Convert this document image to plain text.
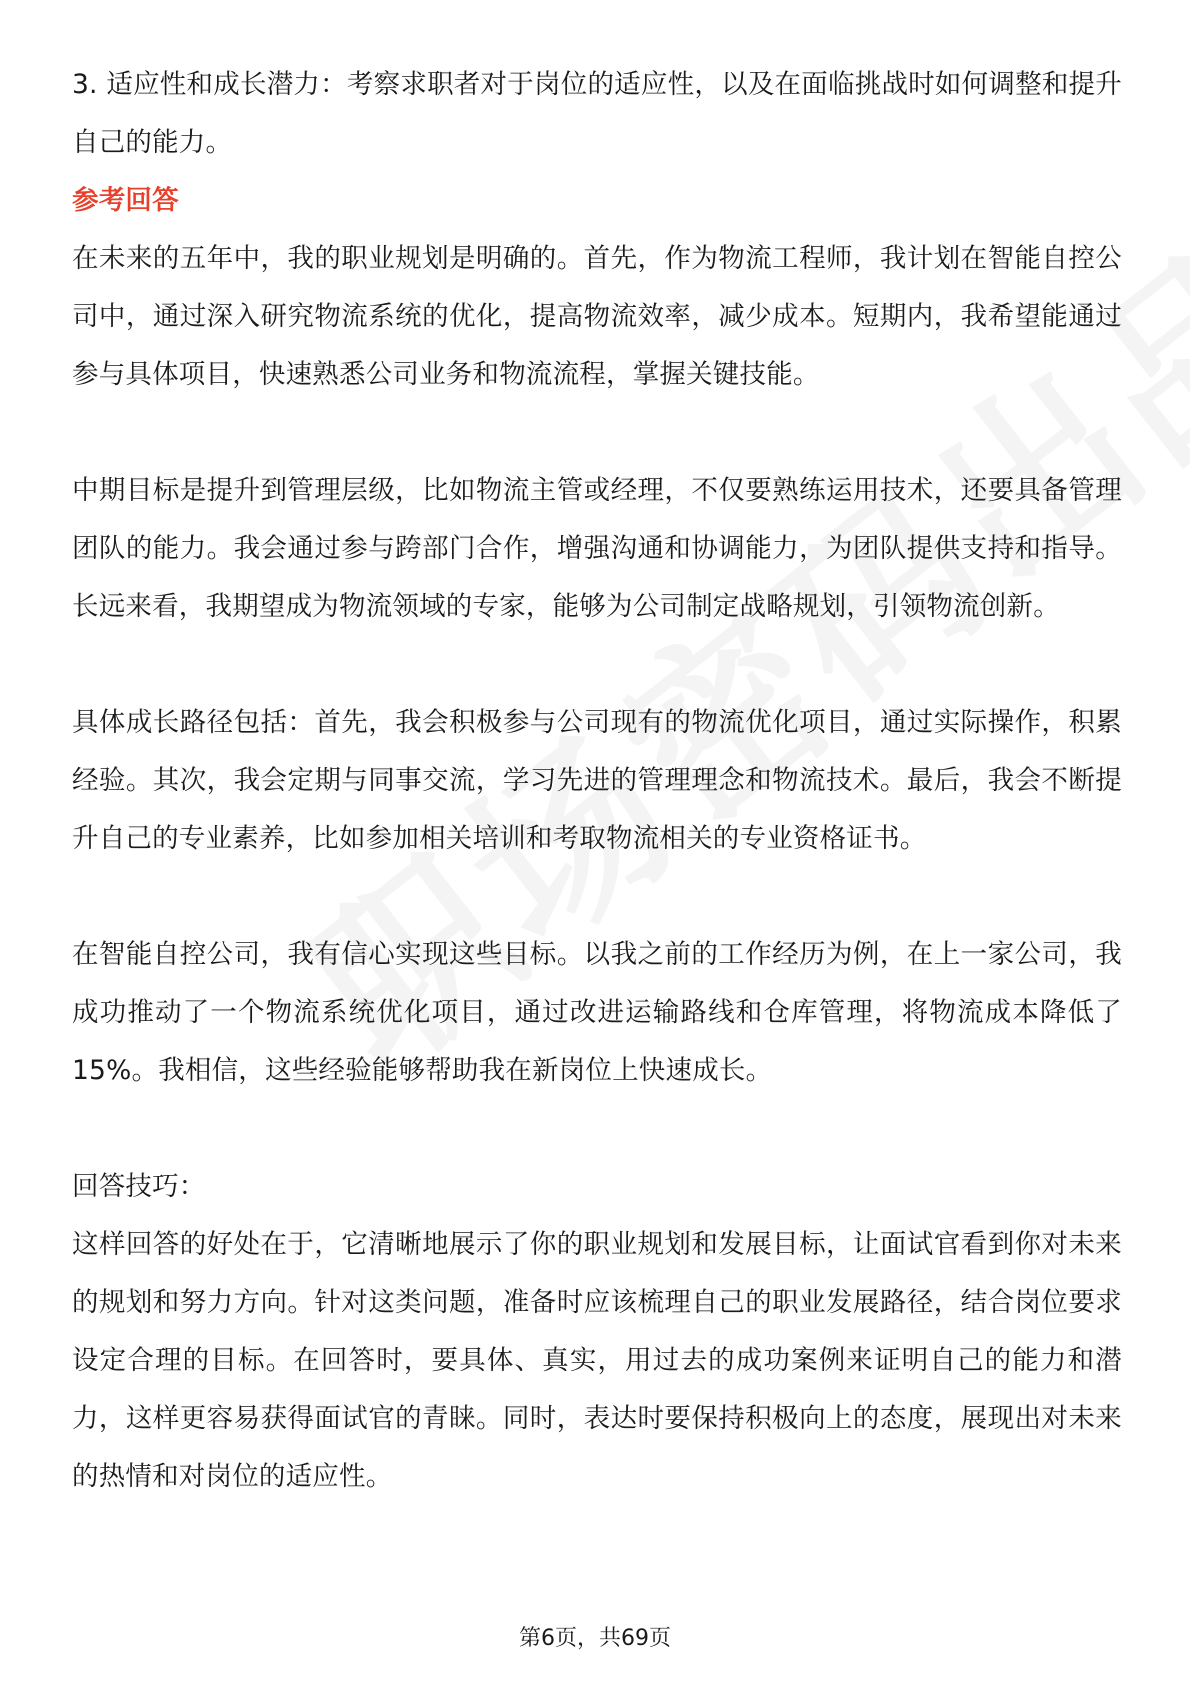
3. 适应性和成长潜力：考察求职者对于岗位的适应性，以及在面临挑战时如何调整和提升自己的能力。

参考回答

在未来的五年中，我的职业规划是明确的。首先，作为物流工程师，我计划在智能自控公司中，通过深入研究物流系统的优化，提高物流效率，减少成本。短期内，我希望能通过参与具体项目，快速熟悉公司业务和物流流程，掌握关键技能。

中期目标是提升到管理层级，比如物流主管或经理，不仅要熟练运用技术，还要具备管理团队的能力。我会通过参与跨部门合作，增强沟通和协调能力，为团队提供支持和指导。长远来看，我期望成为物流领域的专家，能够为公司制定战略规划，引领物流创新。

具体成长路径包括：首先，我会积极参与公司现有的物流优化项目，通过实际操作，积累经验。其次，我会定期与同事交流，学习先进的管理理念和物流技术。最后，我会不断提升自己的专业素养，比如参加相关培训和考取物流相关的专业资格证书。

在智能自控公司，我有信心实现这些目标。以我之前的工作经历为例，在上一家公司，我成功推动了一个物流系统优化项目，通过改进运输路线和仓库管理，将物流成本降低了15%。我相信，这些经验能够帮助我在新岗位上快速成长。

回答技巧：

这样回答的好处在于，它清晰地展示了你的职业规划和发展目标，让面试官看到你对未来的规划和努力方向。针对这类问题，准备时应该梳理自己的职业发展路径，结合岗位要求设定合理的目标。在回答时，要具体、真实，用过去的成功案例来证明自己的能力和潜力，这样更容易获得面试官的青睐。同时，表达时要保持积极向上的态度，展现出对未来的热情和对岗位的适应性。

第6页，共69页
